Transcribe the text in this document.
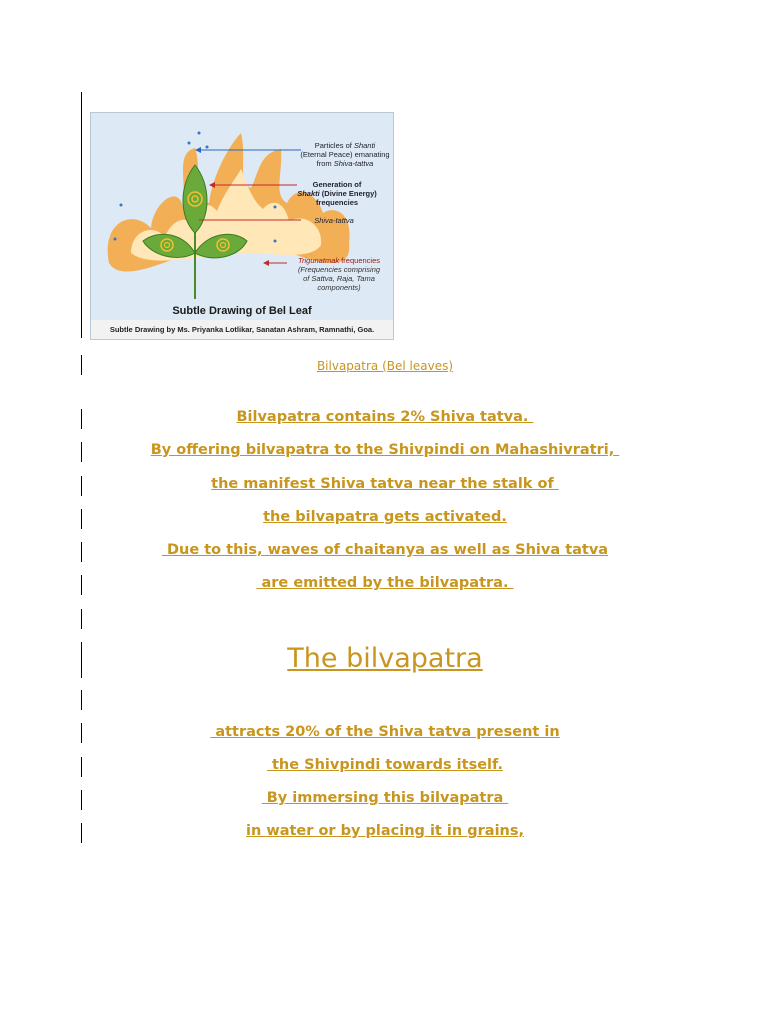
Particles of Shanti
(Eternal Peace) emanating
from Shiva-tattva
Generation of
Shakti (Divine Energy)
frequencies
Shiva-tattva
Trigunatmak frequencies
(Frequencies comprising
of Sattva, Raja, Tama
components)
Subtle Drawing of Bel Leaf
Subtle Drawing by Ms. Priyanka Lotlikar, Sanatan Ashram, Ramnathi, Goa.
Bilvapatra (Bel leaves)
Bilvapatra contains 2% Shiva tatva.
By offering bilvapatra to the Shivpindi on Mahashivratri,
the manifest Shiva tatva near the stalk of
the bilvapatra gets activated.
Due to this, waves of chaitanya as well as Shiva tatva
are emitted by the bilvapatra.
The bilvapatra
attracts 20% of the Shiva tatva present in
the Shivpindi towards itself.
By immersing this bilvapatra
in water or by placing it in grains,
